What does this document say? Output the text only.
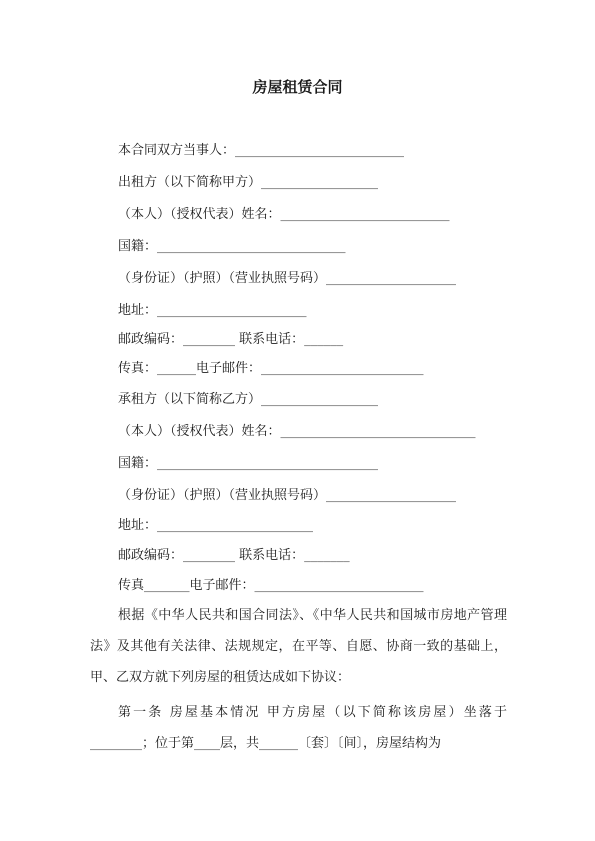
房屋租赁合同
本合同双方当事人：__________________________
出租方（以下简称甲方）__________________
（本人）（授权代表）姓名：__________________________
国籍：_____________________________
（身份证）（护照）（营业执照号码）____________________
地址：_______________________
邮政编码：________ 联系电话：______
传真：______电子邮件：_________________________
承租方（以下简称乙方）__________________
（本人）（授权代表）姓名：______________________________
国籍：__________________________________
（身份证）（护照）（营业执照号码）____________________
地址：________________________
邮政编码：________ 联系电话：_______
传真_______电子邮件：__________________________
根据《中华人民共和国合同法》、《中华人民共和国城市房地产管理法》及其他有关法律、法规规定，在平等、自愿、协商一致的基础上，甲、乙双方就下列房屋的租赁达成如下协议：
第一条 房屋基本情况 甲方房屋（以下简称该房屋）坐落于________；位于第____层，共______〔套〕〔间〕，房屋结构为
